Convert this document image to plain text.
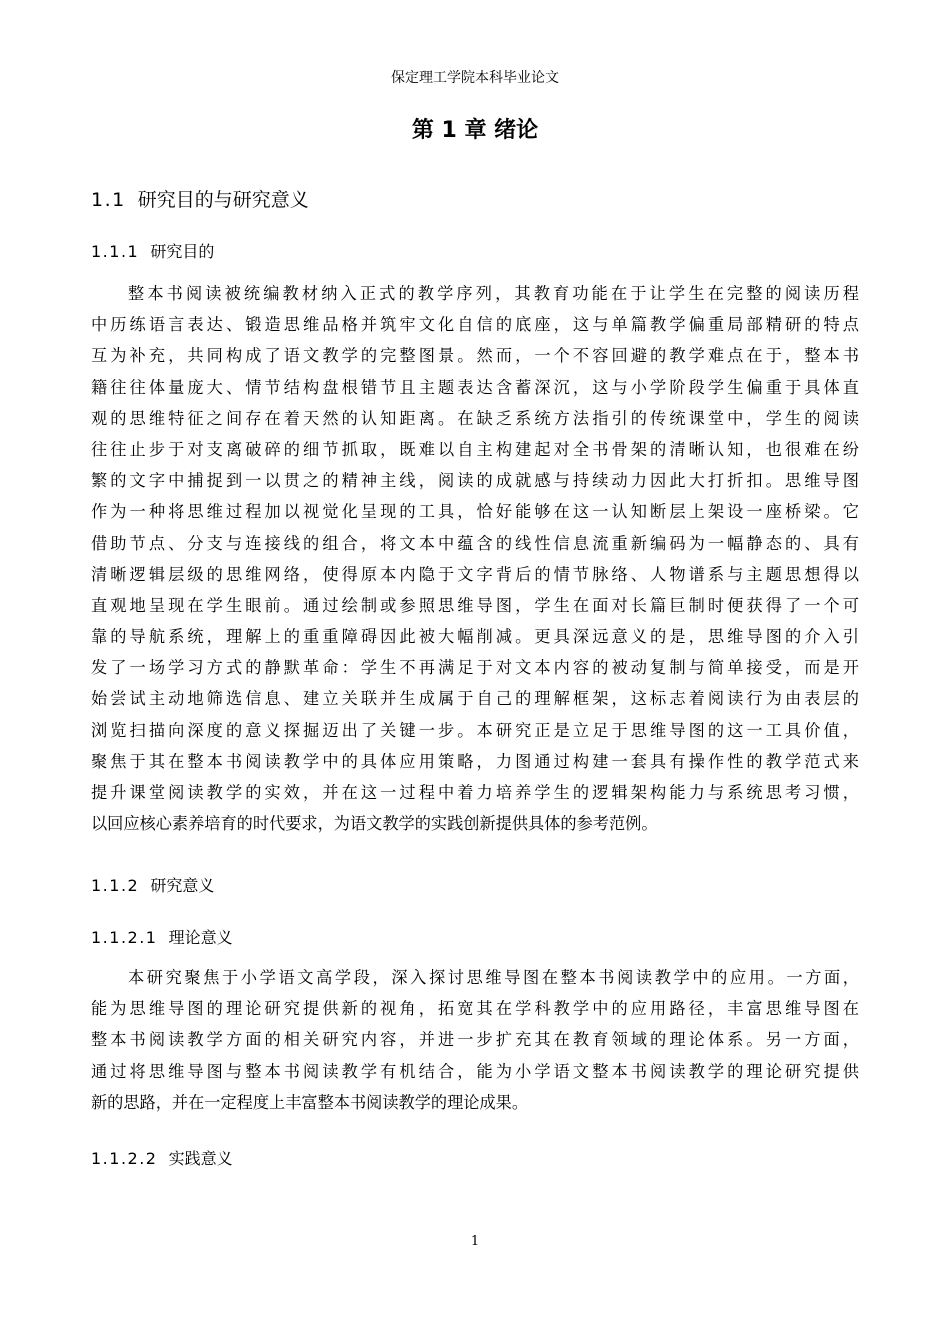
保定理工学院本科毕业论文
第 1 章 绪论
1.1 研究目的与研究意义
1.1.1 研究目的
整本书阅读被统编教材纳入正式的教学序列，其教育功能在于让学生在完整的阅读历程
中历练语言表达、锻造思维品格并筑牢文化自信的底座，这与单篇教学偏重局部精研的特点
互为补充，共同构成了语文教学的完整图景。然而，一个不容回避的教学难点在于，整本书
籍往往体量庞大、情节结构盘根错节且主题表达含蓄深沉，这与小学阶段学生偏重于具体直
观的思维特征之间存在着天然的认知距离。在缺乏系统方法指引的传统课堂中，学生的阅读
往往止步于对支离破碎的细节抓取，既难以自主构建起对全书骨架的清晰认知，也很难在纷
繁的文字中捕捉到一以贯之的精神主线，阅读的成就感与持续动力因此大打折扣。思维导图
作为一种将思维过程加以视觉化呈现的工具，恰好能够在这一认知断层上架设一座桥梁。它
借助节点、分支与连接线的组合，将文本中蕴含的线性信息流重新编码为一幅静态的、具有
清晰逻辑层级的思维网络，使得原本内隐于文字背后的情节脉络、人物谱系与主题思想得以
直观地呈现在学生眼前。通过绘制或参照思维导图，学生在面对长篇巨制时便获得了一个可
靠的导航系统，理解上的重重障碍因此被大幅削减。更具深远意义的是，思维导图的介入引
发了一场学习方式的静默革命：学生不再满足于对文本内容的被动复制与简单接受，而是开
始尝试主动地筛选信息、建立关联并生成属于自己的理解框架，这标志着阅读行为由表层的
浏览扫描向深度的意义探掘迈出了关键一步。本研究正是立足于思维导图的这一工具价值，
聚焦于其在整本书阅读教学中的具体应用策略，力图通过构建一套具有操作性的教学范式来
提升课堂阅读教学的实效，并在这一过程中着力培养学生的逻辑架构能力与系统思考习惯，
以回应核心素养培育的时代要求，为语文教学的实践创新提供具体的参考范例。
1.1.2 研究意义
1.1.2.1 理论意义
本研究聚焦于小学语文高学段，深入探讨思维导图在整本书阅读教学中的应用。一方面，
能为思维导图的理论研究提供新的视角，拓宽其在学科教学中的应用路径，丰富思维导图在
整本书阅读教学方面的相关研究内容，并进一步扩充其在教育领域的理论体系。另一方面，
通过将思维导图与整本书阅读教学有机结合，能为小学语文整本书阅读教学的理论研究提供
新的思路，并在一定程度上丰富整本书阅读教学的理论成果。
1.1.2.2 实践意义
1
